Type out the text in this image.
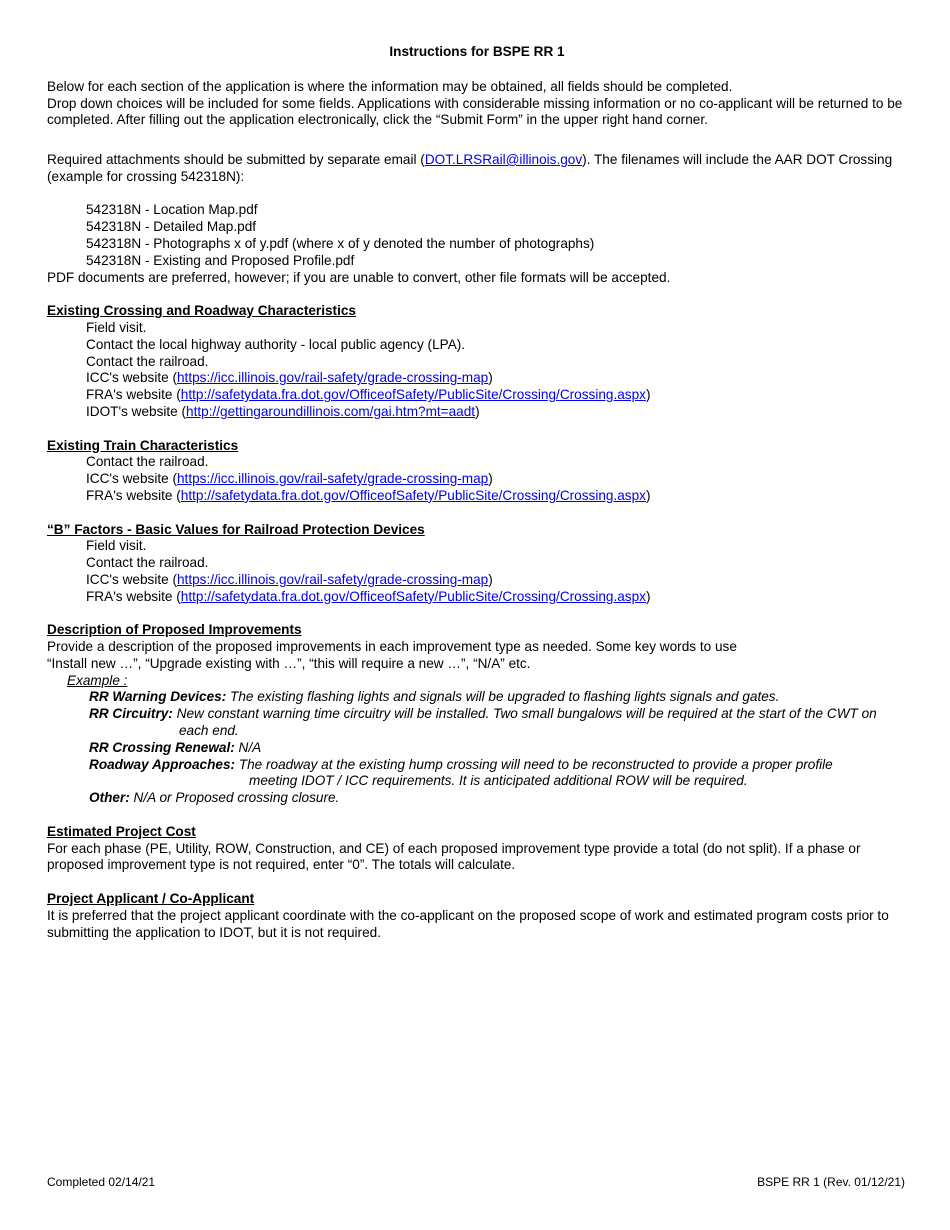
Instructions for BSPE RR 1

Below for each section of the application is where the information may be obtained, all fields should be completed.

Drop down choices will be included for some fields. Applications with considerable missing information or no co-applicant will be returned to be completed. After filling out the application electronically, click the “Submit Form” in the upper right hand corner.

Required attachments should be submitted by separate email (DOT.LRSRail@illinois.gov). The filenames will include the AAR DOT Crossing (example for crossing 542318N):

542318N - Location Map.pdf

542318N - Detailed Map.pdf

542318N - Photographs x of y.pdf (where x of y denoted the number of photographs)

542318N - Existing and Proposed Profile.pdf

PDF documents are preferred, however; if you are unable to convert, other file formats will be accepted.

Existing Crossing and Roadway Characteristics

Field visit.

Contact the local highway authority - local public agency (LPA).

Contact the railroad.

ICC's website (https://icc.illinois.gov/rail-safety/grade-crossing-map)

FRA's website (http://safetydata.fra.dot.gov/OfficeofSafety/PublicSite/Crossing/Crossing.aspx)

IDOT's website (http://gettingaroundillinois.com/gai.htm?mt=aadt)

Existing Train Characteristics

Contact the railroad.

ICC's website (https://icc.illinois.gov/rail-safety/grade-crossing-map)

FRA's website (http://safetydata.fra.dot.gov/OfficeofSafety/PublicSite/Crossing/Crossing.aspx)

“B” Factors - Basic Values for Railroad Protection Devices

Field visit.

Contact the railroad.

ICC's website (https://icc.illinois.gov/rail-safety/grade-crossing-map)

FRA's website (http://safetydata.fra.dot.gov/OfficeofSafety/PublicSite/Crossing/Crossing.aspx)

Description of Proposed Improvements

Provide a description of the proposed improvements in each improvement type as needed. Some key words to use

“Install new …”, “Upgrade existing with …”, “this will require a new …”, “N/A” etc.

Example :

RR Warning Devices: The existing flashing lights and signals will be upgraded to flashing lights signals and gates.

RR Circuitry: New constant warning time circuitry will be installed. Two small bungalows will be required at the start of the CWT on
each end.

RR Crossing Renewal: N/A

Roadway Approaches: The roadway at the existing hump crossing will need to be reconstructed to provide a proper profile
meeting IDOT / ICC requirements. It is anticipated additional ROW will be required.

Other: N/A or Proposed crossing closure.

Estimated Project Cost

For each phase (PE, Utility, ROW, Construction, and CE) of each proposed improvement type provide a total (do not split). If a phase or proposed improvement type is not required, enter “0”. The totals will calculate.

Project Applicant / Co-Applicant

It is preferred that the project applicant coordinate with the co-applicant on the proposed scope of work and estimated program costs prior to submitting the application to IDOT, but it is not required.

Completed 02/14/21	BSPE RR 1 (Rev. 01/12/21)
